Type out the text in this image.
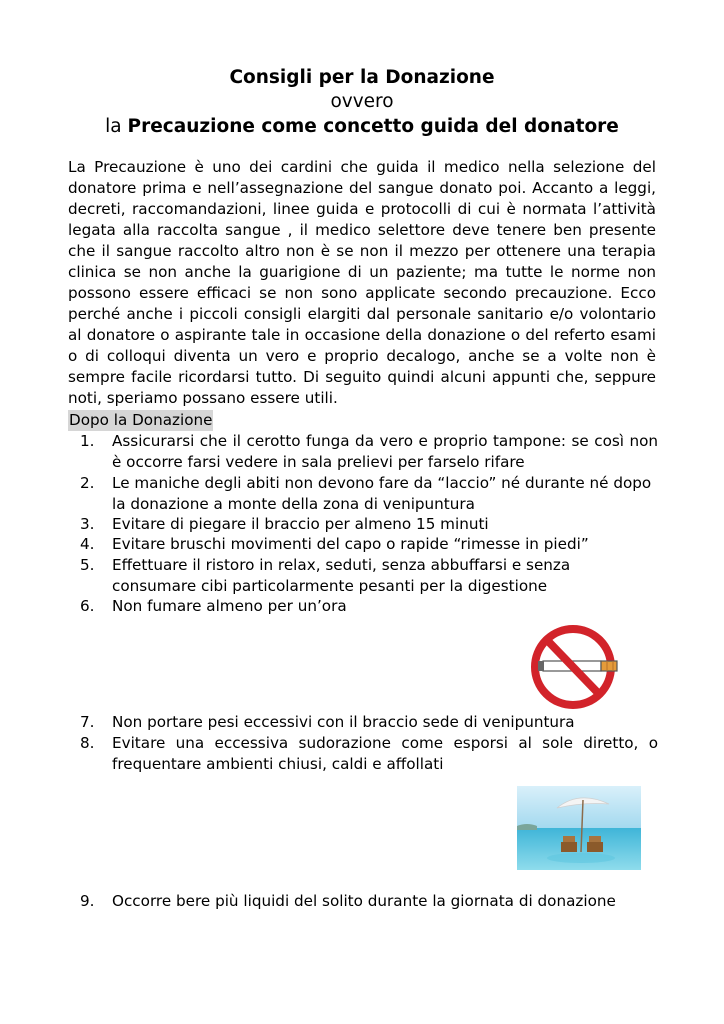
Consigli per la Donazione
ovvero
la Precauzione come concetto guida del donatore
La Precauzione è uno dei cardini che guida il medico nella selezione del donatore prima e nell’assegnazione del sangue donato poi. Accanto a leggi, decreti, raccomandazioni, linee guida e protocolli di cui è normata l’attività legata alla raccolta sangue , il medico selettore deve tenere ben presente che il sangue raccolto altro non è se non il mezzo per ottenere una terapia clinica se non anche la guarigione di un paziente; ma tutte le norme non possono essere efficaci se non sono applicate secondo precauzione. Ecco perché anche i piccoli consigli elargiti dal personale sanitario e/o volontario al donatore o aspirante tale in occasione della donazione o del referto esami o di colloqui diventa un vero e proprio decalogo, anche se a volte non è sempre facile ricordarsi tutto. Di seguito quindi alcuni appunti che, seppure noti, speriamo possano essere utili.
Dopo la Donazione
1.	Assicurarsi che il cerotto funga da vero e proprio tampone: se così non è occorre farsi vedere in sala prelievi per farselo rifare
2.	Le maniche degli abiti non devono fare da “laccio” né durante né dopo la donazione a monte della zona di venipuntura
3.	Evitare di piegare il braccio per almeno 15 minuti
4.	Evitare bruschi movimenti del capo o rapide “rimesse in piedi”
5.	Effettuare il ristoro in relax, seduti, senza abbuffarsi e senza consumare cibi particolarmente pesanti per la digestione
6.	Non fumare almeno per un’ora
7.	Non portare pesi eccessivi con il braccio sede di venipuntura
8.	Evitare una eccessiva sudorazione come esporsi al sole diretto, o frequentare ambienti chiusi, caldi e affollati
9.	Occorre bere più liquidi del solito durante la giornata di donazione
